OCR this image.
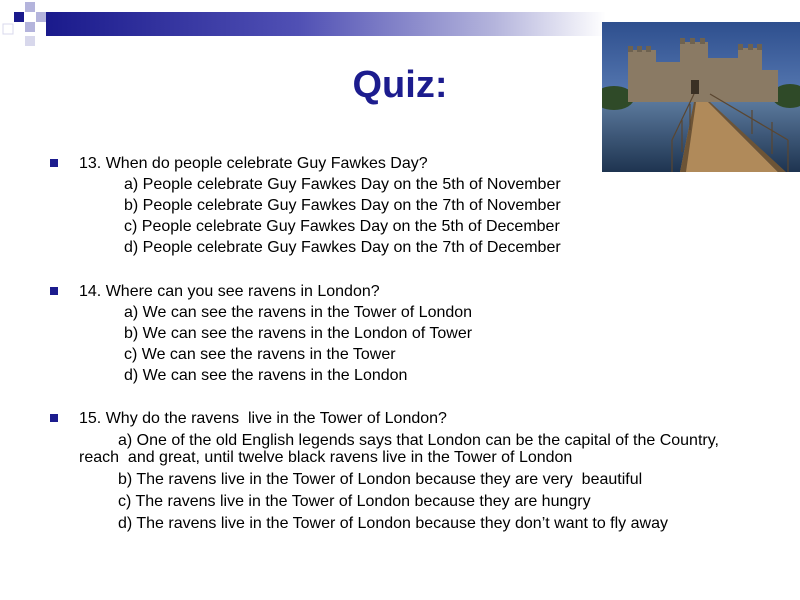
Quiz:
13. When do people celebrate Guy Fawkes Day?
a) People celebrate Guy Fawkes Day on the 5th of November
b) People celebrate Guy Fawkes Day on the 7th of November
c) People celebrate Guy Fawkes Day on the 5th of December
d) People celebrate Guy Fawkes Day on the 7th of December
14. Where can you see ravens in London?
a) We can see the ravens in the Tower of London
b) We can see the ravens in the London of Tower
c) We can see the ravens in the Tower
d) We can see the ravens in the London
15. Why do the ravens  live in the Tower of London?
a) One of the old English legends says that London can be the capital of the Country,            reach  and great, until twelve black ravens live in the Tower of London
b) The ravens live in the Tower of London because they are very  beautiful
c) The ravens live in the Tower of London because they are hungry
d) The ravens live in the Tower of London because they don’t want to fly away
